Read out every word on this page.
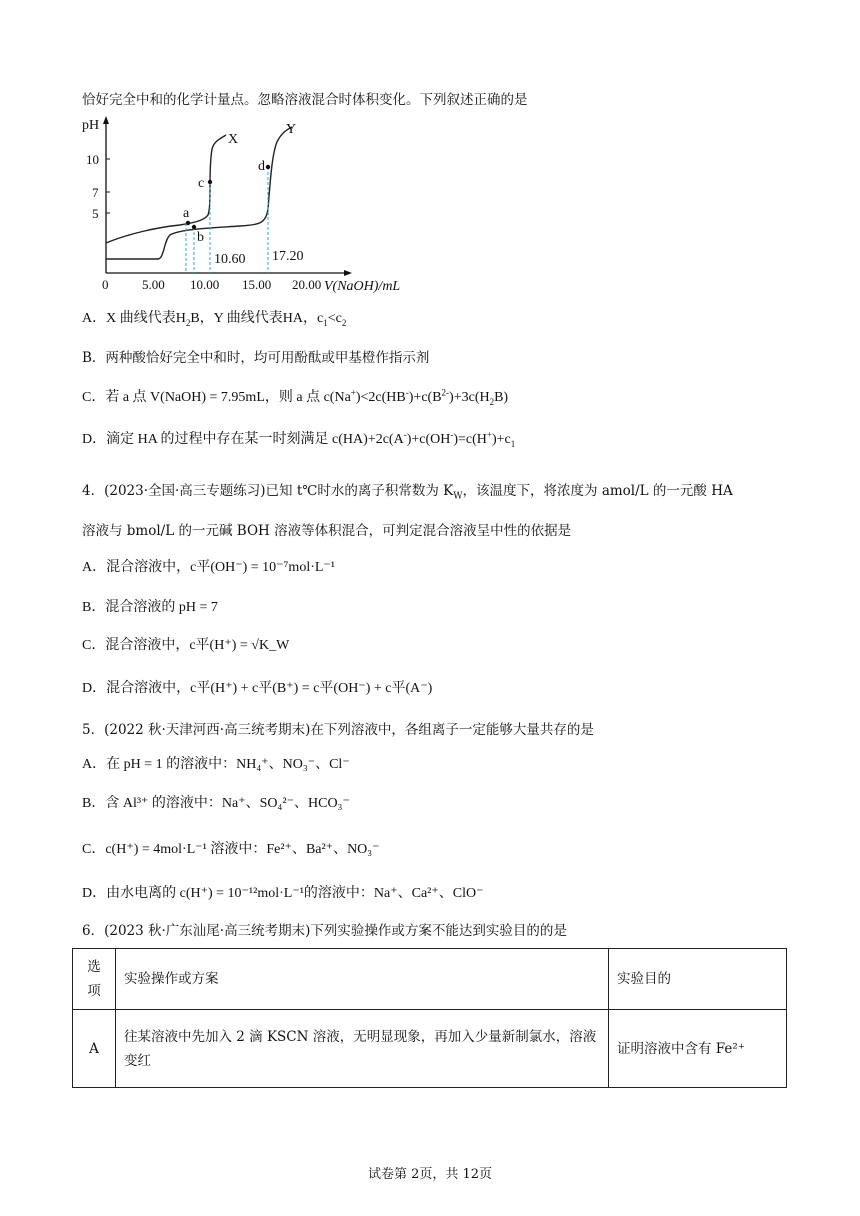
恰好完全中和的化学计量点。忽略溶液混合时体积变化。下列叙述正确的是
pH
V(NaOH)/mL
10
7
5
0	5.00 10.00 15.00 20.00
X
Y
a
b
c
d
10.60 17.20
A．X 曲线代表$H_2B$，Y 曲线代表HA，$c_1<c_2$
B．两种酸恰好完全中和时，均可用酚酞或甲基橙作指示剂
C．若 a 点 V(NaOH) = 7.95mL，则 a 点 $c(Na^+)<2c(HB^-)+c(B^{2-})+3c(H_2B)$
D．滴定 HA 的过程中存在某一时刻满足 $c(HA)+2c(A^-)+c(OH^-)=c(H^+)+c_1$
4．(2023·全国·高三专题练习)已知 t℃时水的离子积常数为 $K_W$，该温度下，将浓度为 amol/L 的一元酸 HA
溶液与 bmol/L 的一元碱 BOH 溶液等体积混合，可判定混合溶液呈中性的依据是
A．混合溶液中，c平(OH⁻) = 10⁻⁷mol·L⁻¹
B．混合溶液的 pH = 7
C．混合溶液中，c平(H⁺) = √K_W
D．混合溶液中，c平(H⁺) + c平(B⁺) = c平(OH⁻) + c平(A⁻)
5．(2022 秋·天津河西·高三统考期末)在下列溶液中，各组离子一定能够大量共存的是
A．在 pH = 1 的溶液中：NH₄⁺、NO₃⁻、Cl⁻
B．含 Al³⁺ 的溶液中：Na⁺、SO₄²⁻、HCO₃⁻
C．c(H⁺) = 4mol·L⁻¹ 溶液中：Fe²⁺、Ba²⁺、NO₃⁻
D．由水电离的 c(H⁺) = 10⁻¹²mol·L⁻¹的溶液中：Na⁺、Ca²⁺、ClO⁻
6．(2023 秋·广东汕尾·高三统考期末)下列实验操作或方案不能达到实验目的的是
选项	实验操作或方案	实验目的
A	往某溶液中先加入 2 滴 KSCN 溶液，无明显现象，再加入少量新制氯水，溶液变红	证明溶液中含有 Fe²⁺
试卷第 2页，共 12页
